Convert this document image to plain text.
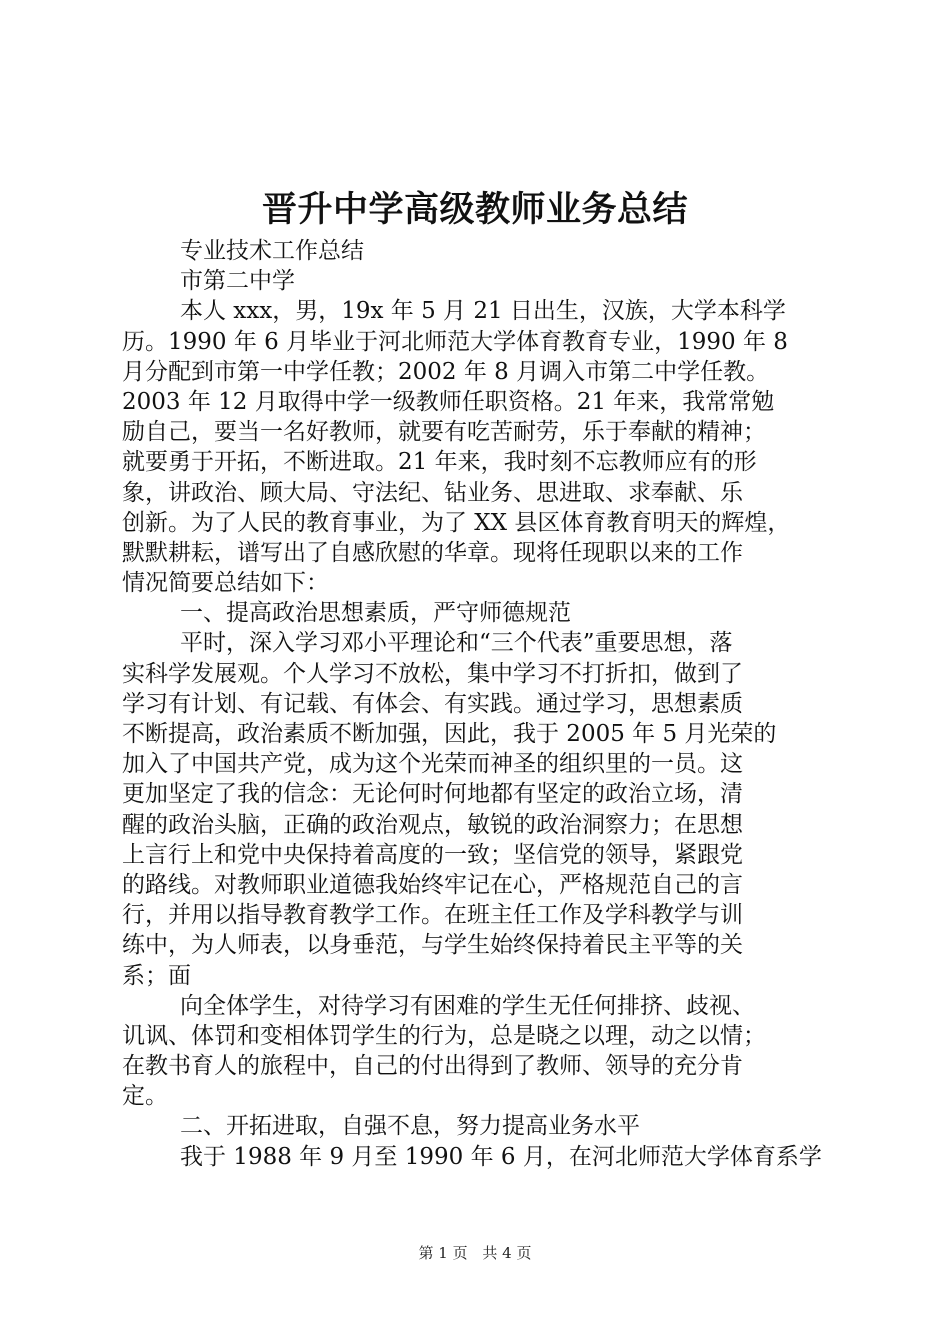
晋升中学高级教师业务总结
专业技术工作总结
市第二中学
本人 xxx，男，19x 年 5 月 21 日出生，汉族，大学本科学
历。1990 年 6 月毕业于河北师范大学体育教育专业，1990 年 8
月分配到市第一中学任教；2002 年 8 月调入市第二中学任教。
2003 年 12 月取得中学一级教师任职资格。21 年来，我常常勉
励自己，要当一名好教师，就要有吃苦耐劳，乐于奉献的精神；
就要勇于开拓，不断进取。21 年来，我时刻不忘教师应有的形
象，讲政治、顾大局、守法纪、钻业务、思进取、求奉献、乐
创新。为了人民的教育事业，为了 XX 县区体育教育明天的辉煌，
默默耕耘，谱写出了自感欣慰的华章。现将任现职以来的工作
情况简要总结如下：
一、提高政治思想素质，严守师德规范
平时，深入学习邓小平理论和“三个代表”重要思想，落
实科学发展观。个人学习不放松，集中学习不打折扣，做到了
学习有计划、有记载、有体会、有实践。通过学习，思想素质
不断提高，政治素质不断加强，因此，我于 2005 年 5 月光荣的
加入了中国共产党，成为这个光荣而神圣的组织里的一员。这
更加坚定了我的信念：无论何时何地都有坚定的政治立场，清
醒的政治头脑，正确的政治观点，敏锐的政治洞察力；在思想
上言行上和党中央保持着高度的一致；坚信党的领导，紧跟党
的路线。对教师职业道德我始终牢记在心，严格规范自己的言
行，并用以指导教育教学工作。在班主任工作及学科教学与训
练中，为人师表，以身垂范，与学生始终保持着民主平等的关
系；面
向全体学生，对待学习有困难的学生无任何排挤、歧视、
讥讽、体罚和变相体罚学生的行为，总是晓之以理，动之以情；
在教书育人的旅程中，自己的付出得到了教师、领导的充分肯
定。
二、开拓进取，自强不息，努力提高业务水平
我于 1988 年 9 月至 1990 年 6 月，在河北师范大学体育系学
第 1 页 共 4 页
